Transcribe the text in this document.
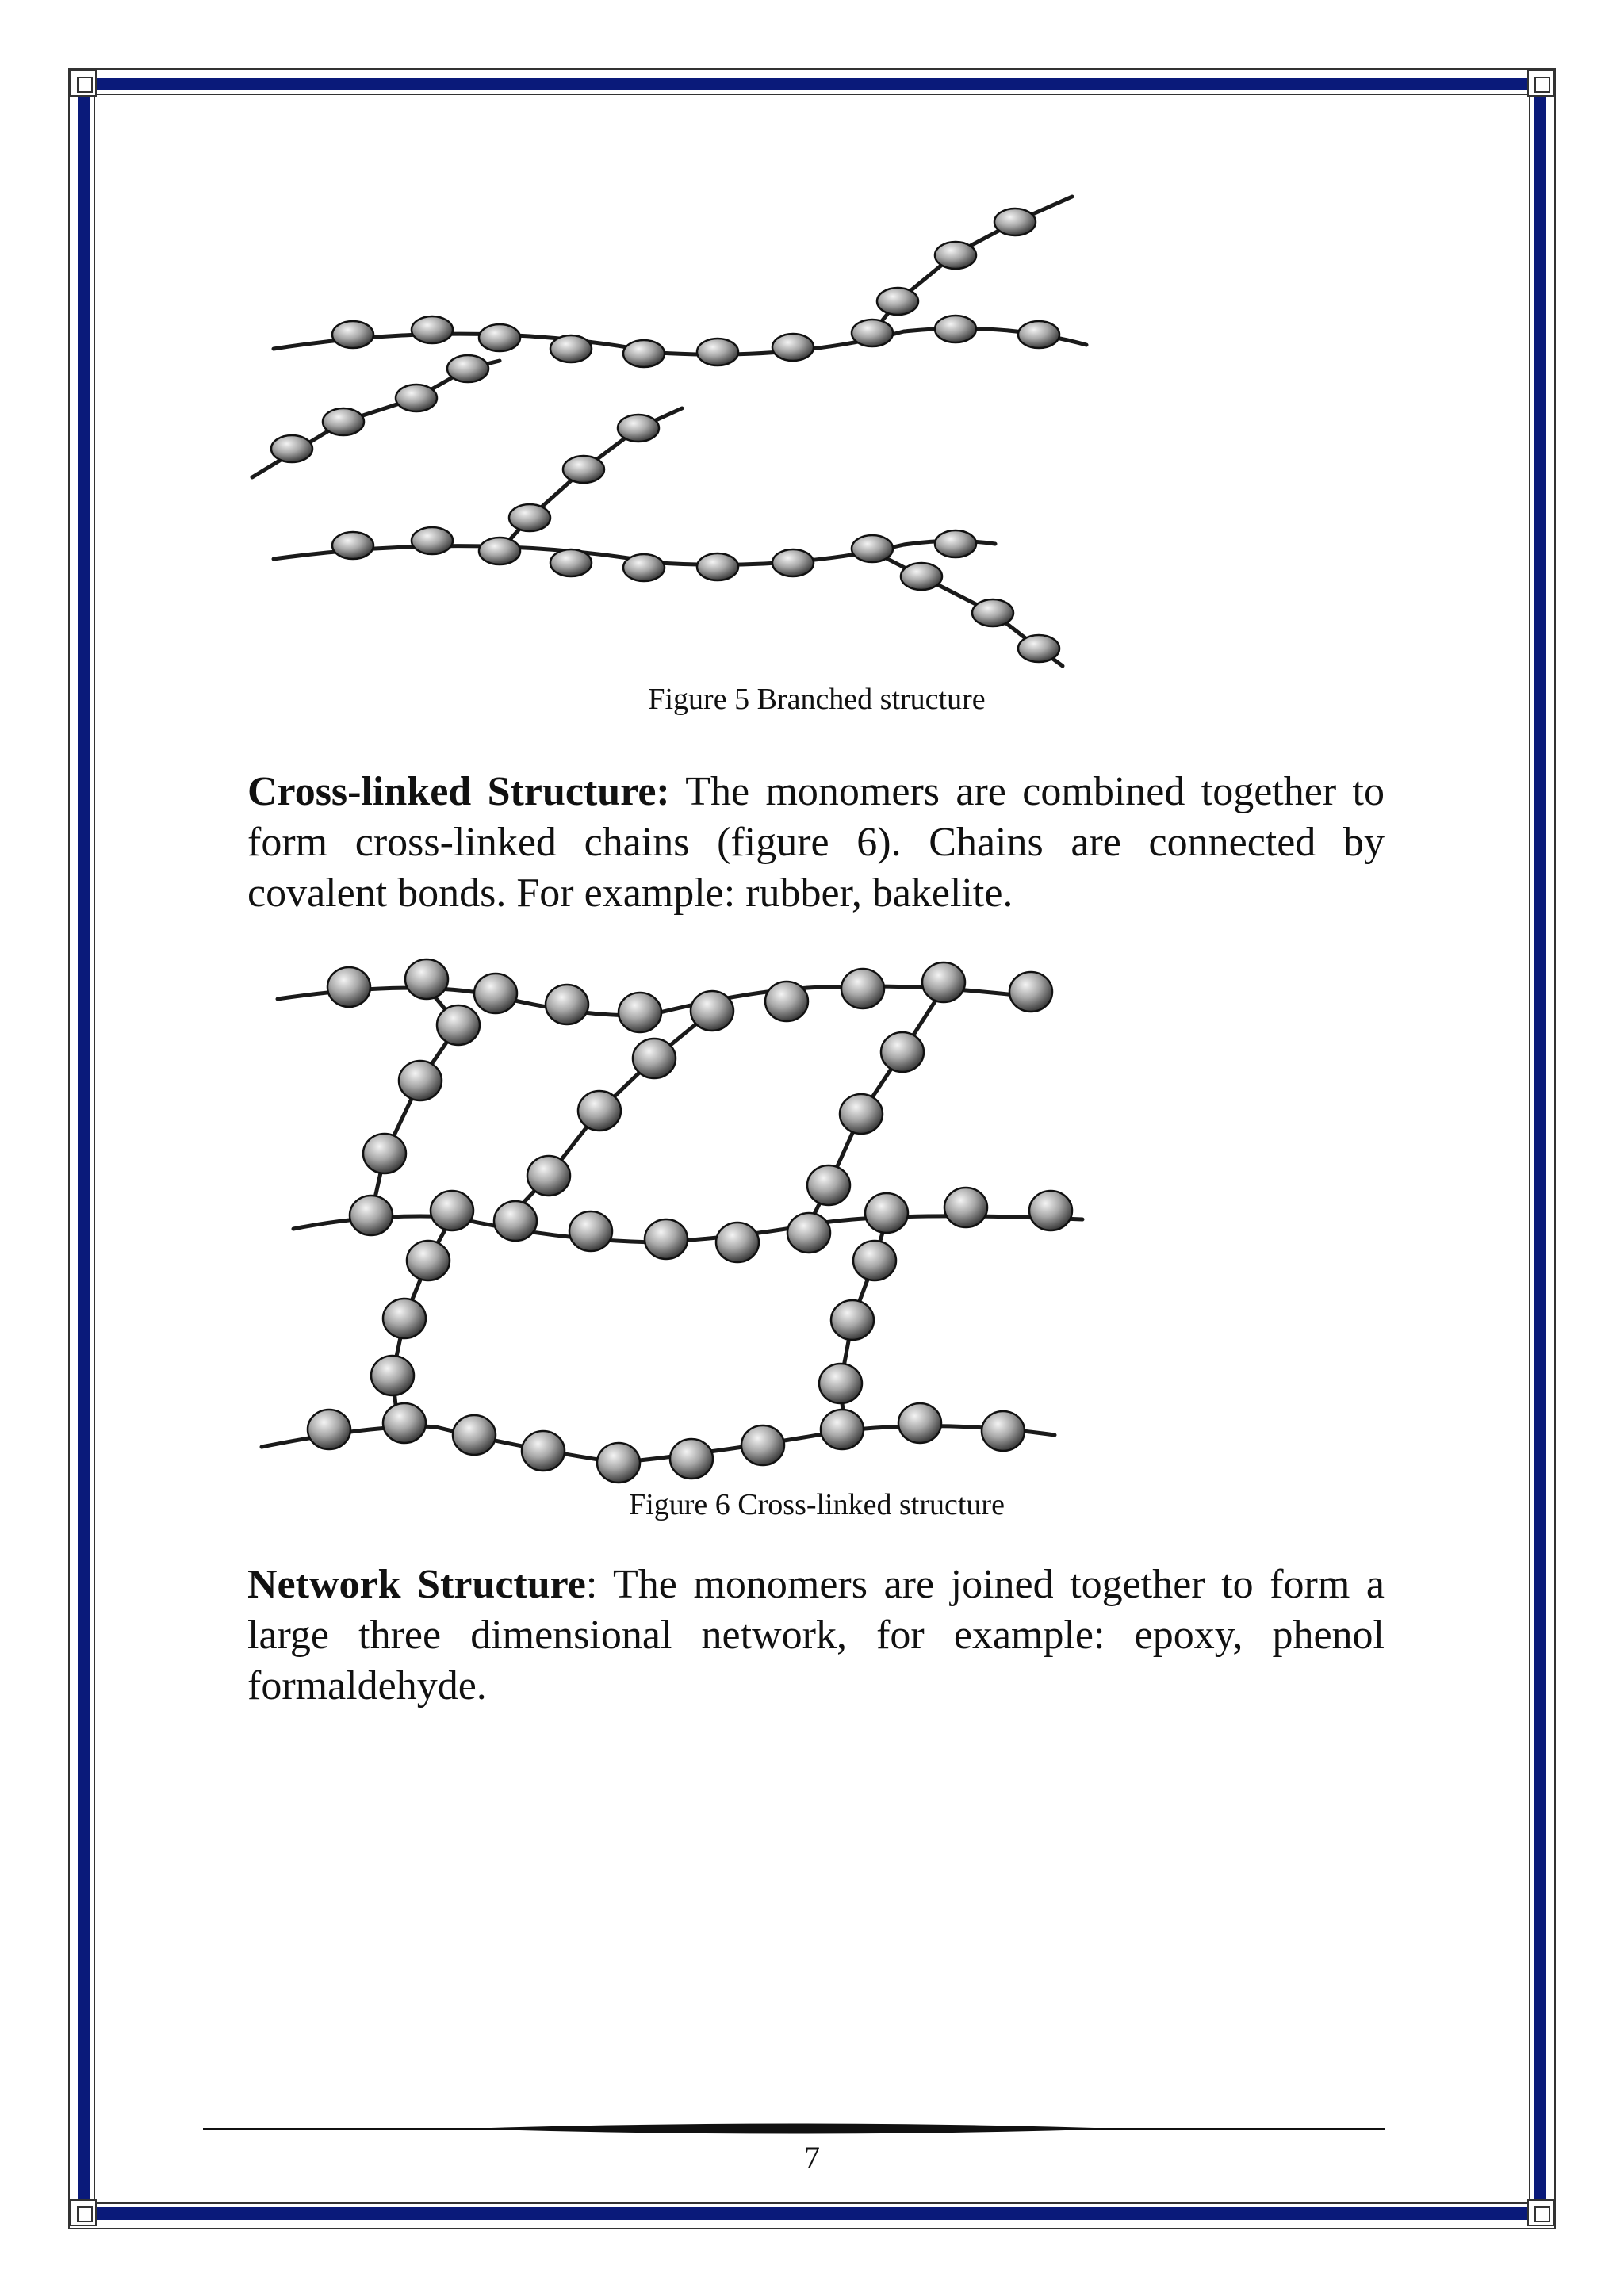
Figure 5 Branched structure

Cross-linked Structure: The monomers are combined together to form cross-linked chains (figure 6). Chains are connected by covalent bonds. For example: rubber, bakelite.

Figure 6 Cross-linked structure

Network Structure: The monomers are joined together to form a large three dimensional network, for example: epoxy, phenol formaldehyde.

7
